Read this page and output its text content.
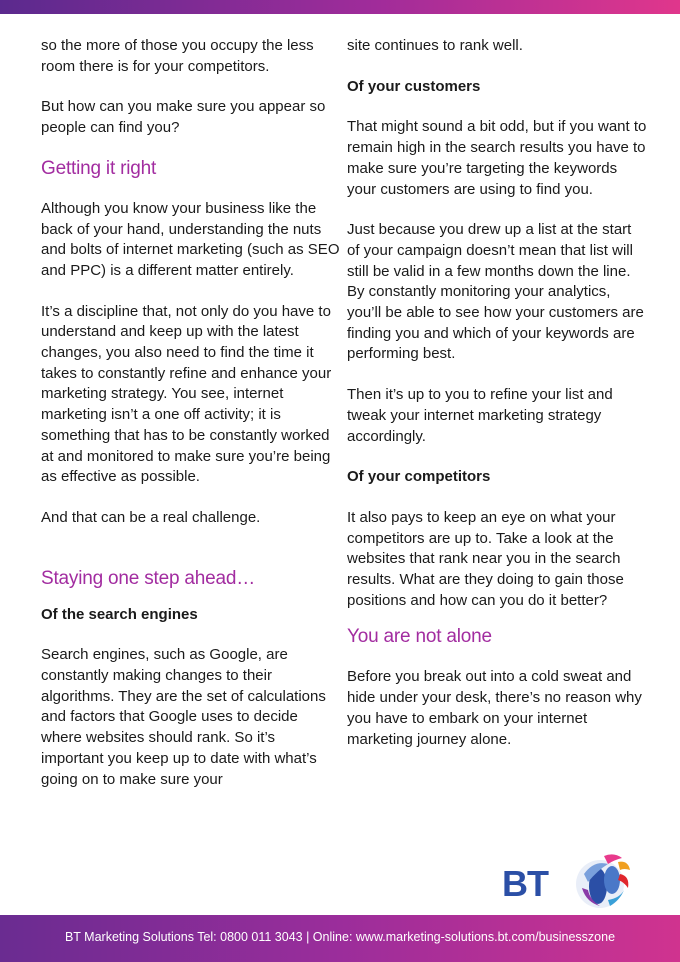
so the more of those you occupy the less room there is for your competitors.

But how can you make sure you appear so people can find you?

Getting it right

Although you know your business like the back of your hand, understanding the nuts and bolts of internet marketing (such as SEO and PPC) is a different matter entirely.

It’s a discipline that, not only do you have to understand and keep up with the latest changes, you also need to find the time it takes to constantly refine and enhance your marketing strategy. You see, internet marketing isn’t a one off activity; it is something that has to be constantly worked at and monitored to make sure you’re being as effective as possible.

And that can be a real challenge.

Staying one step ahead…
Of the search engines

Search engines, such as Google, are constantly making changes to their algorithms. They are the set of calculations and factors that Google uses to decide where websites should rank. So it’s important you keep up to date with what’s going on to make sure your

site continues to rank well.

Of your customers

That might sound a bit odd, but if you want to remain high in the search results you have to make sure you’re targeting the keywords your customers are using to find you.

Just because you drew up a list at the start of your campaign doesn’t mean that list will still be valid in a few months down the line. By constantly monitoring your analytics, you’ll be able to see how your customers are finding you and which of your keywords are performing best.

Then it’s up to you to refine your list and tweak your internet marketing strategy accordingly.

Of your competitors

It also pays to keep an eye on what your competitors are up to. Take a look at the websites that rank near you in the search results. What are they doing to gain those positions and how can you do it better?

You are not alone

Before you break out into a cold sweat and hide under your desk, there’s no reason why you have to embark on your internet marketing journey alone.

BT
BT Marketing Solutions Tel: 0800 011 3043 | Online: www.marketing-solutions.bt.com/businesszone
